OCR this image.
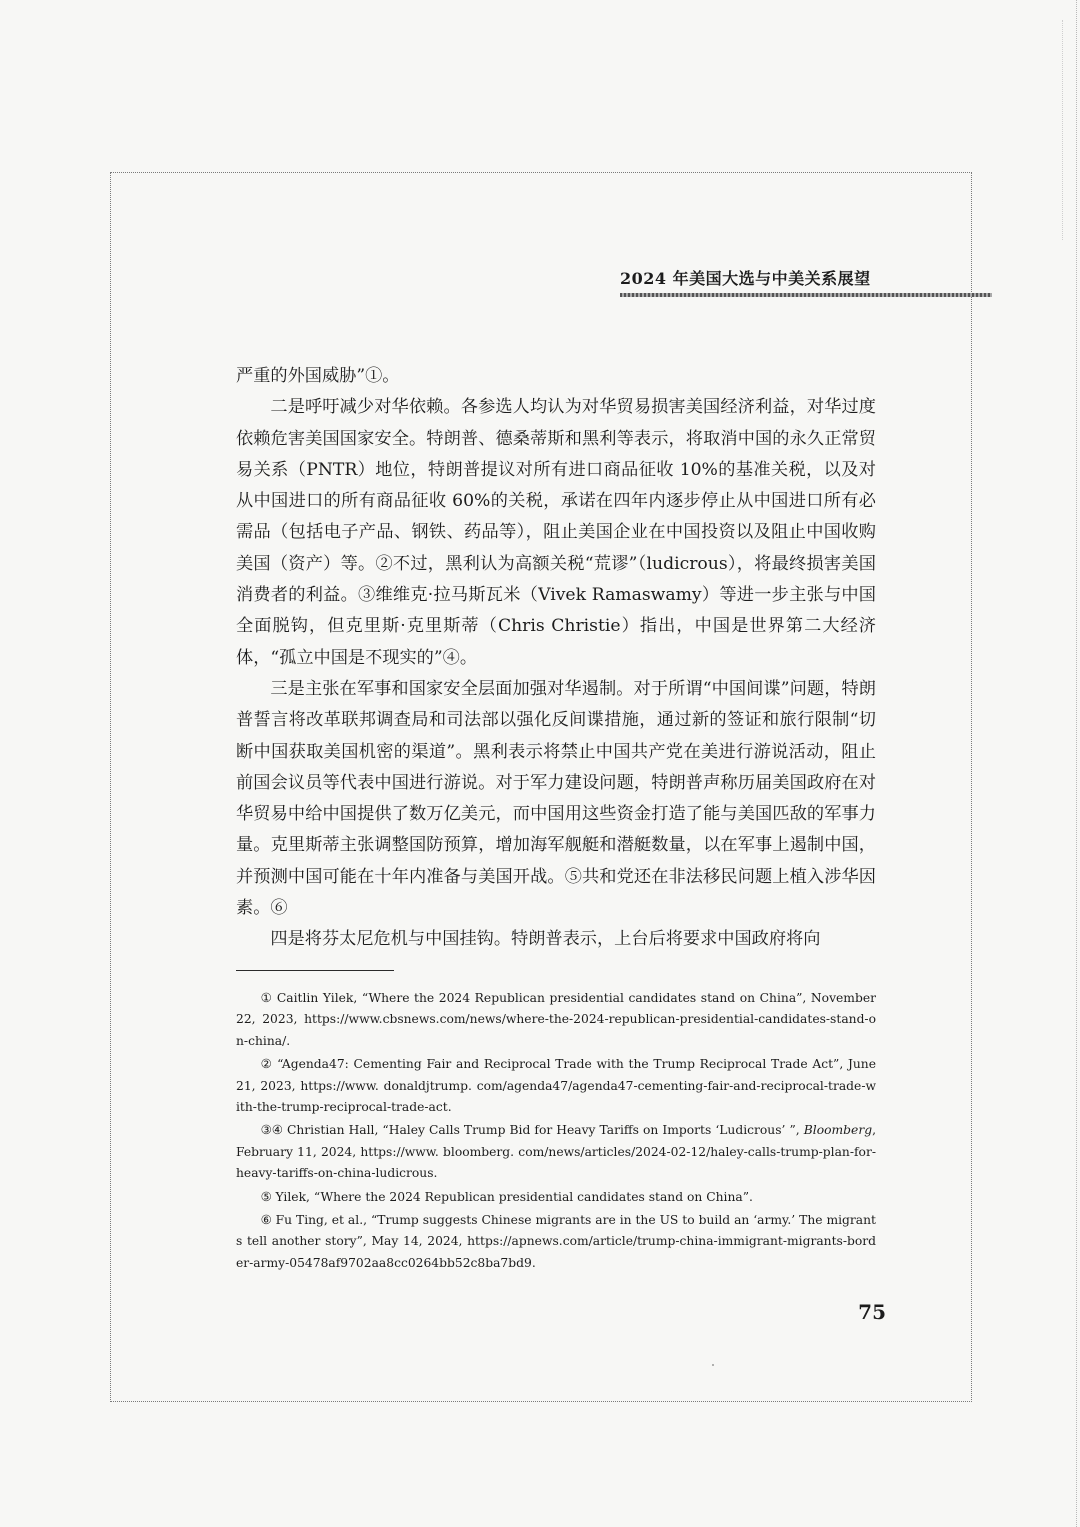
2024 年美国大选与中美关系展望

严重的外国威胁”①。

二是呼吁减少对华依赖。各参选人均认为对华贸易损害美国经济利益，对华过度依赖危害美国国家安全。特朗普、德桑蒂斯和黑利等表示，将取消中国的永久正常贸易关系（PNTR）地位，特朗普提议对所有进口商品征收 10%的基准关税，以及对从中国进口的所有商品征收 60%的关税，承诺在四年内逐步停止从中国进口所有必需品（包括电子产品、钢铁、药品等），阻止美国企业在中国投资以及阻止中国收购美国（资产）等。②不过，黑利认为高额关税“荒谬”（ludicrous），将最终损害美国消费者的利益。③维维克·拉马斯瓦米（Vivek Ramaswamy）等进一步主张与中国全面脱钩，但克里斯·克里斯蒂（Chris Christie）指出，中国是世界第二大经济体，“孤立中国是不现实的”④。

三是主张在军事和国家安全层面加强对华遏制。对于所谓“中国间谍”问题，特朗普誓言将改革联邦调查局和司法部以强化反间谍措施，通过新的签证和旅行限制“切断中国获取美国机密的渠道”。黑利表示将禁止中国共产党在美进行游说活动，阻止前国会议员等代表中国进行游说。对于军力建设问题，特朗普声称历届美国政府在对华贸易中给中国提供了数万亿美元，而中国用这些资金打造了能与美国匹敌的军事力量。克里斯蒂主张调整国防预算，增加海军舰艇和潜艇数量，以在军事上遏制中国，并预测中国可能在十年内准备与美国开战。⑤共和党还在非法移民问题上植入涉华因素。⑥

四是将芬太尼危机与中国挂钩。特朗普表示，上台后将要求中国政府将向

① Caitlin Yilek, “Where the 2024 Republican presidential candidates stand on China”, November 22, 2023, https://www.cbsnews.com/news/where-the-2024-republican-presidential-candidates-stand-on-china/.

② “Agenda47: Cementing Fair and Reciprocal Trade with the Trump Reciprocal Trade Act”, June 21, 2023, https://www. donaldjtrump. com/agenda47/agenda47-cementing-fair-and-reciprocal-trade-with-the-trump-reciprocal-trade-act.

③④ Christian Hall, “Haley Calls Trump Bid for Heavy Tariffs on Imports ‘Ludicrous’ ”, Bloomberg, February 11, 2024, https://www. bloomberg. com/news/articles/2024-02-12/haley-calls-trump-plan-for-heavy-tariffs-on-china-ludicrous.

⑤ Yilek, “Where the 2024 Republican presidential candidates stand on China”.

⑥ Fu Ting, et al., “Trump suggests Chinese migrants are in the US to build an ‘army.’ The migrants tell another story”, May 14, 2024, https://apnews.com/article/trump-china-immigrant-migrants-border-army-05478af9702aa8cc0264bb52c8ba7bd9.

75
